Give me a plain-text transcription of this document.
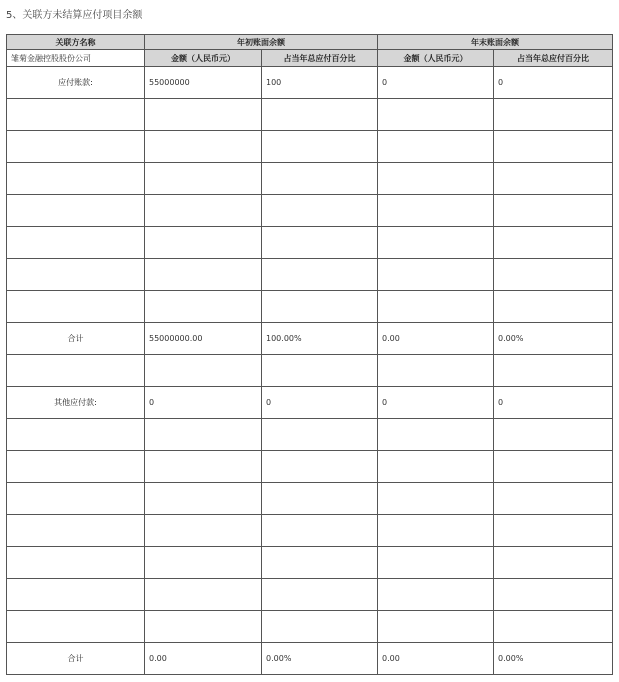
5、关联方未结算应付项目余额
关联方名称	年初账面余额		年末账面余额	
雏菊金融控股股份公司	金额（人民币元）	占当年总应付百分比	金额（人民币元）	占当年总应付百分比
应付账款:	55000000	100	0	0

合计	55000000.00	100.00%	0.00	0.00%

其他应付款:	0	0	0	0

合计	0.00	0.00%	0.00	0.00%
